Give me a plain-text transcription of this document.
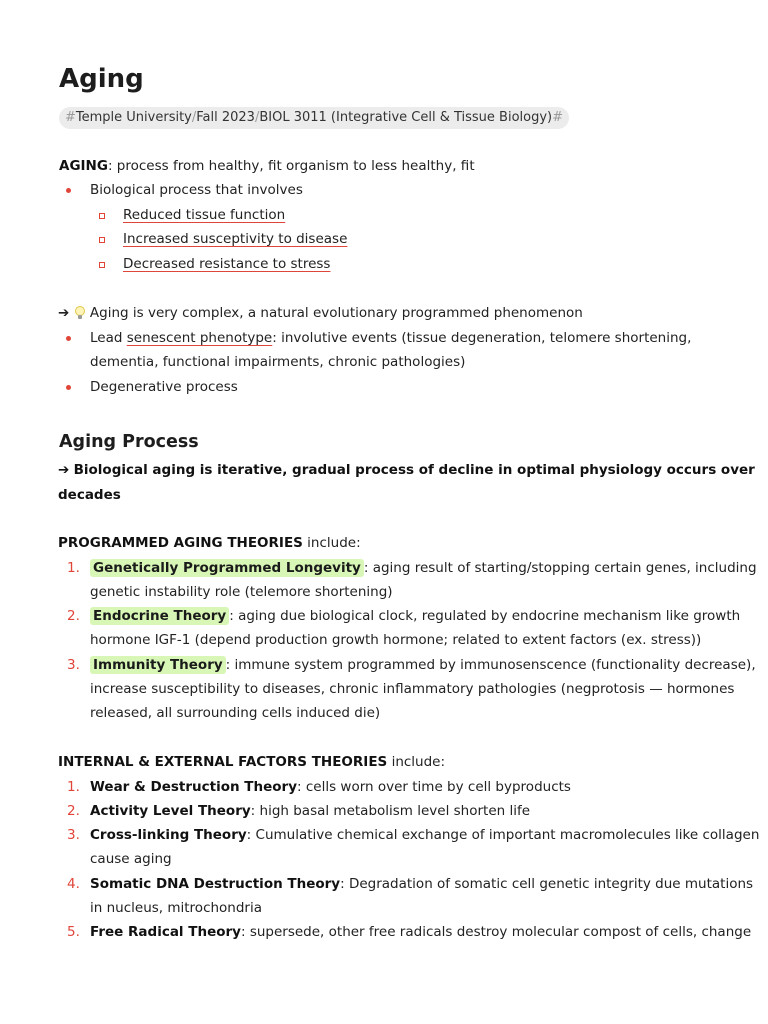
Aging
#Temple University/Fall 2023/BIOL 3011 (Integrative Cell & Tissue Biology)#
AGING: process from healthy, fit organism to less healthy, fit
Biological process that involves
Reduced tissue function
Increased susceptivity to disease
Decreased resistance to stress
➔ Aging is very complex, a natural evolutionary programmed phenomenon
Lead senescent phenotype: involutive events (tissue degeneration, telomere shortening,
dementia, functional impairments, chronic pathologies)
Degenerative process
Aging Process
➔ Biological aging is iterative, gradual process of decline in optimal physiology occurs over
decades
PROGRAMMED AGING THEORIES include:
1. Genetically Programmed Longevity : aging result of starting/stopping certain genes, including
genetic instability role (telemore shortening)
2. Endocrine Theory : aging due biological clock, regulated by endocrine mechanism like growth
hormone IGF-1 (depend production growth hormone; related to extent factors (ex. stress))
3. Immunity Theory : immune system programmed by immunosenscence (functionality decrease),
increase susceptibility to diseases, chronic inflammatory pathologies (negprotosis — hormones
released, all surrounding cells induced die)
INTERNAL & EXTERNAL FACTORS THEORIES include:
1. Wear & Destruction Theory: cells worn over time by cell byproducts
2. Activity Level Theory: high basal metabolism level shorten life
3. Cross-linking Theory: Cumulative chemical exchange of important macromolecules like collagen
cause aging
4. Somatic DNA Destruction Theory: Degradation of somatic cell genetic integrity due mutations
in nucleus, mitrochondria
5. Free Radical Theory: supersede, other free radicals destroy molecular compost of cells, change
